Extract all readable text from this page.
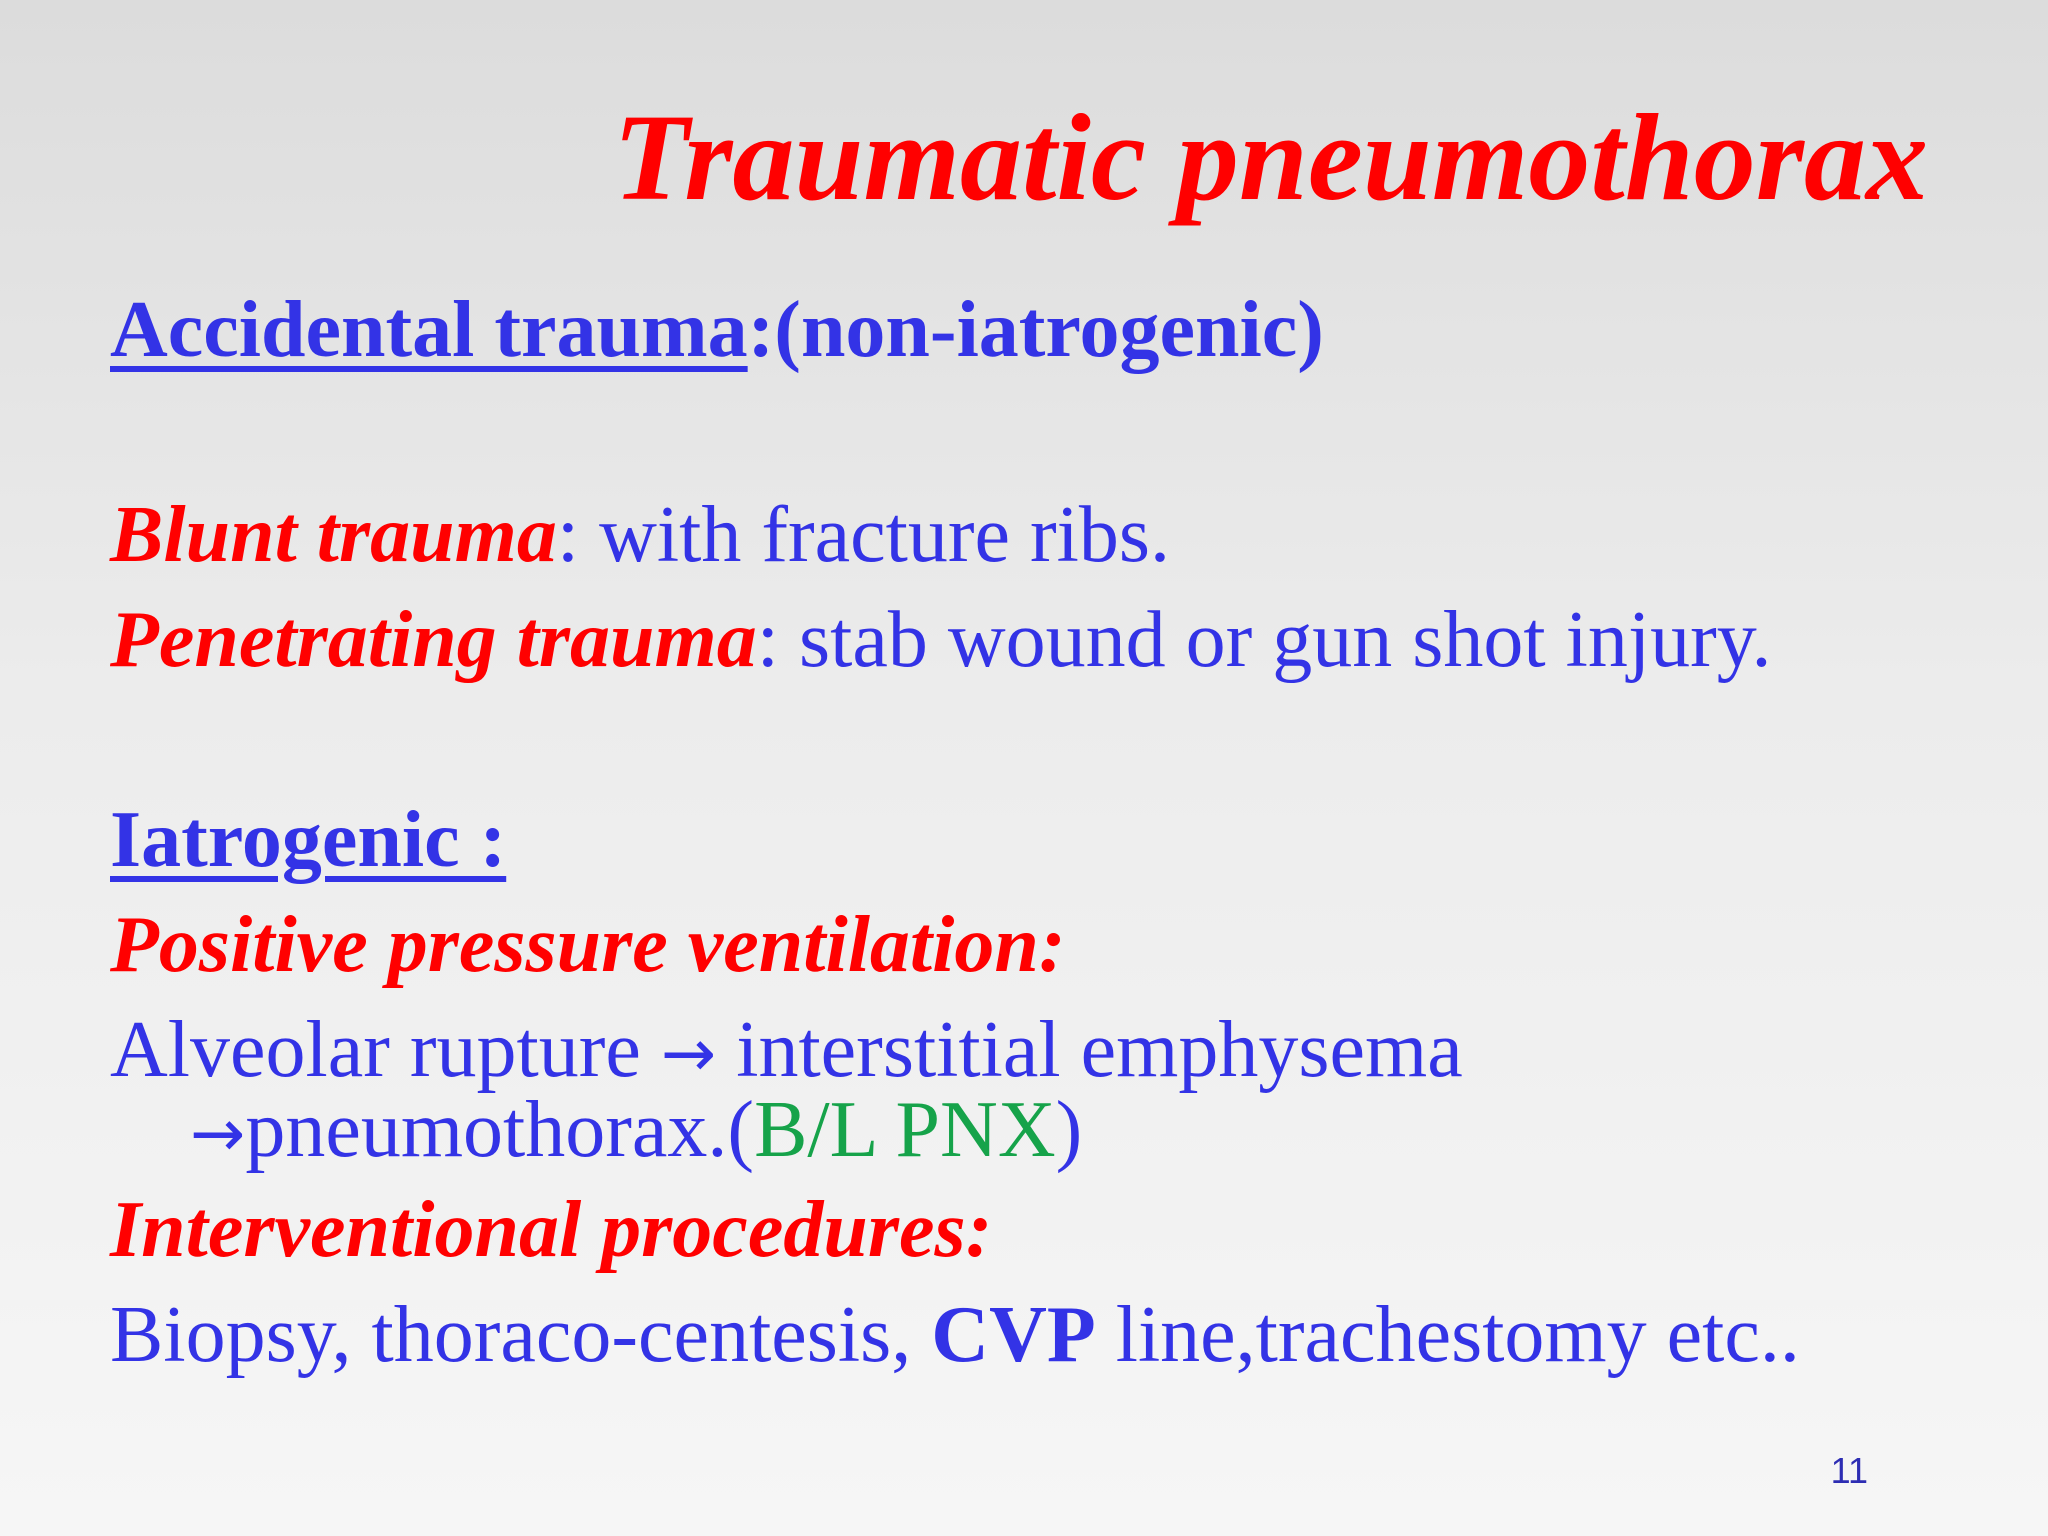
Traumatic pneumothorax
Accidental trauma:(non-iatrogenic)
Blunt trauma: with fracture ribs.
Penetrating trauma: stab wound or gun shot injury.
Iatrogenic :
Positive pressure ventilation:
Alveolar rupture → interstitial emphysema
→pneumothorax.(B/L PNX)
Interventional procedures:
Biopsy, thoraco-centesis, CVP line,trachestomy etc..
11
